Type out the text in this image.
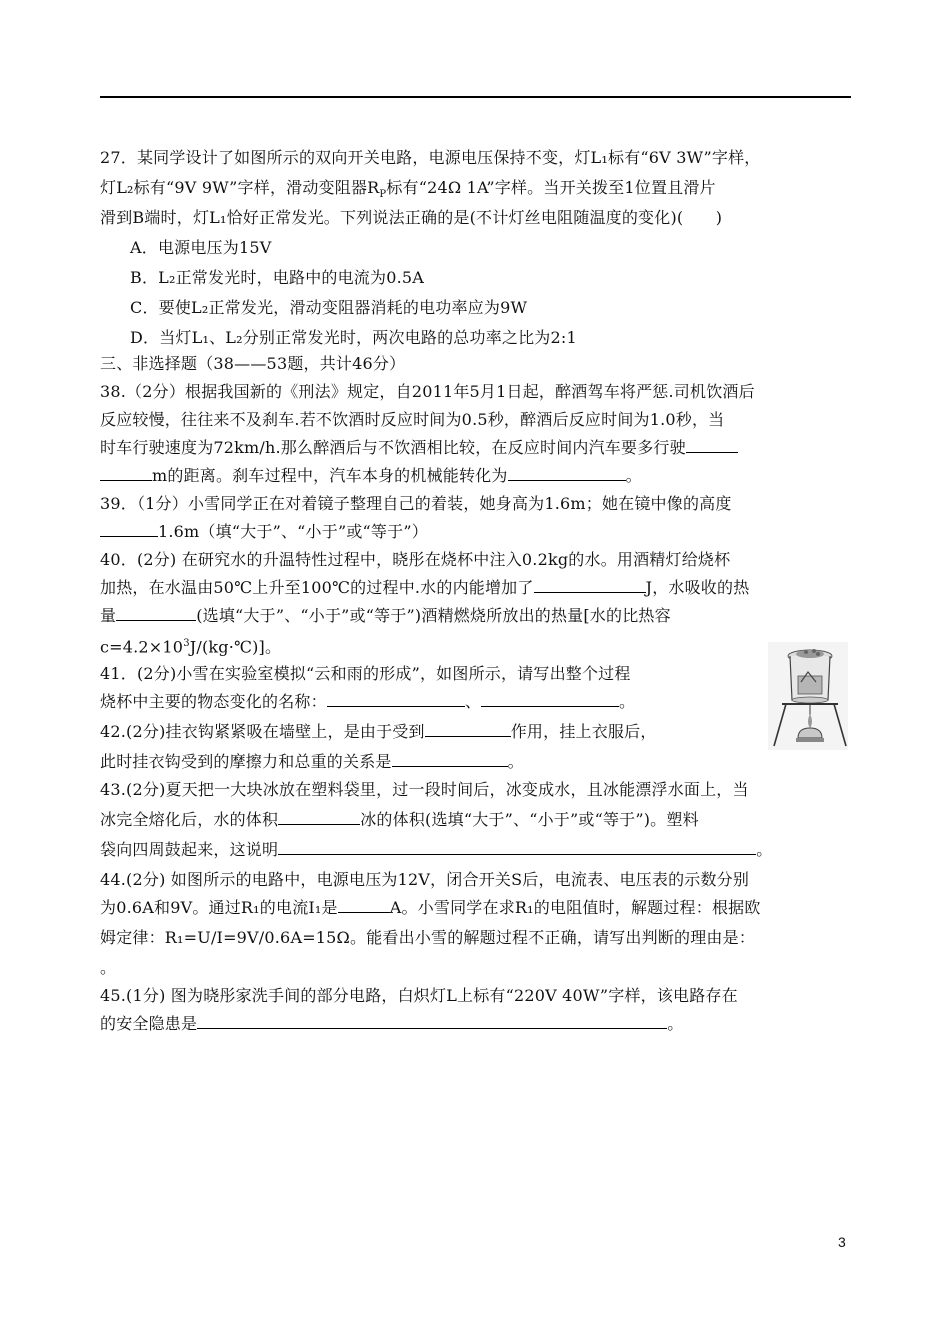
27．某同学设计了如图所示的双向开关电路，电源电压保持不变，灯L₁标有“6V 3W”字样，
灯L₂标有“9V 9W”字样，滑动变阻器$R_P$标有“24Ω 1A”字样。当开关拨至1位置且滑片
滑到B端时，灯L₁恰好正常发光。下列说法正确的是(不计灯丝电阻随温度的变化)(　　)
A．电源电压为15V
B．L₂正常发光时，电路中的电流为0.5A
C．要使L₂正常发光，滑动变阻器消耗的电功率应为9W
D．当灯L₁、L₂分别正常发光时，两次电路的总功率之比为2:1
三、非选择题（38——53题，共计46分）
38.（2分）根据我国新的《刑法》规定，自2011年5月1日起，醉酒驾车将严惩.司机饮酒后
反应较慢，往往来不及刹车.若不饮酒时反应时间为0.5秒，醉酒后反应时间为1.0秒，当
时车行驶速度为72km/h.那么醉酒后与不饮酒相比较，在反应时间内汽车要多行驶
m的距离。刹车过程中，汽车本身的机械能转化为	。
39．（1分）小雪同学正在对着镜子整理自己的着装，她身高为1.6m；她在镜中像的高度
1.6m（填“大于”、“小于”或“等于”）
40．(2分) 在研究水的升温特性过程中，晓彤在烧杯中注入0.2kg的水。用酒精灯给烧杯
加热，在水温由50℃上升至100℃的过程中.水的内能增加了	J，水吸收的热
量	(选填“大于”、“小于”或“等于”)酒精燃烧所放出的热量[水的比热容
$c=4.2\times 10^3J/(kg\cdot℃)$]。
41．(2分)小雪在实验室模拟“云和雨的形成”，如图所示，请写出整个过程
烧杯中主要的物态变化的名称：	、	。
42.(2分)挂衣钩紧紧吸在墙壁上，是由于受到	作用，挂上衣服后，
此时挂衣钩受到的摩擦力和总重的关系是	。
43.(2分)夏天把一大块冰放在塑料袋里，过一段时间后，冰变成水，且冰能漂浮水面上，当
冰完全熔化后，水的体积	冰的体积(选填“大于”、“小于”或“等于”)。塑料
袋向四周鼓起来，这说明	。
44.(2分) 如图所示的电路中，电源电压为12V，闭合开关S后，电流表、电压表的示数分别
为0.6A和9V。通过R₁的电流I₁是	A。小雪同学在求R₁的电阻值时，解题过程：根据欧
姆定律：R₁=U/I=9V/0.6A=15Ω。能看出小雪的解题过程不正确，请写出判断的理由是：
。
45.(1分) 图为晓彤家洗手间的部分电路，白炽灯L上标有“220V 40W”字样，该电路存在
的安全隐患是	。
3
